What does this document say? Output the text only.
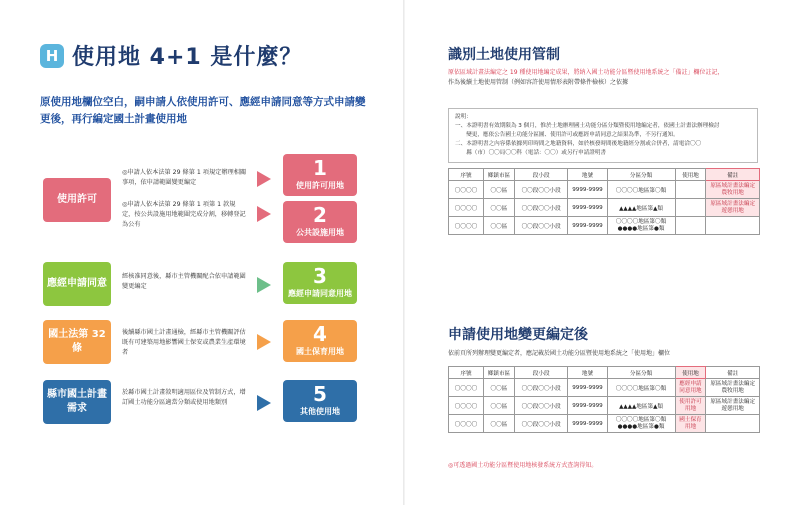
H 使用地 4+1 是什麼？
原使用地欄位空白，嗣申請人依使用許可、應經申請同意等方式申請變更後，再行編定國土計畫使用地
使用許可
◎申請人依本法第 29 條第 1 項規定辦理相關事項，依申請範圍變更編定
◎申請人依本法第 29 條第 1 項第 1 款規定，按公共設施用地範圍完成分割，移轉登記為公有
1
使用許可用地
2
公共設施用地
應經申請同意
經核准同意後，縣市主管機關配合依申請範圍變更編定	3
應經申請同意用地
國土法第 32 條
後續縣市國土計畫通檢，經縣市主管機關評估既有可建築用地影響國土保安或農業生產環境者
4
國土保育用地
縣市國土計畫需求
於縣市國土計畫敘明適用區位及管制方式，增訂國土功能分區適當分類或使用地類別	5
其他使用地
識別土地使用管制
原依區域計畫法編定之 19 種使用地編定成果，將納入國土功能分區暨使用地系統之「備註」欄位註記，
作為後續土地使用管制（例如容許使用情形表附帶條件檢核）之依據
說明：
一、本證明書有效期限為 3 個月，惟於土地辦理國土功能分區分類暨使用地編定者，依國土計畫法辦理檢討
　　變更，應依公告國土功能分區圖、使用許可或應經申請同意之結果為準，不另行通知。
二、本證明書之內容係依據列印時間之地籍資料，如於核發時間後地籍經分割或合併者，請電洽〇〇
　　縣（市）〇〇局〇〇科（電話：〇〇）或另行申請證明書
序號	鄉鎮市區	段小段	地號	分區分類	使用地	備註
〇〇〇〇	〇〇區	〇〇段〇〇小段	9999-9999	〇〇〇〇地區第〇類		原區域計畫法編定農牧用地
〇〇〇〇	〇〇區	〇〇段〇〇小段	9999-9999	▲▲▲▲地區第▲類		原區域計畫法編定遊憩用地
〇〇〇〇	〇〇區	〇〇段〇〇小段	9999-9999	〇〇〇〇地區第〇類 ●●●●地區第●類		
申請使用地變更編定後
依前頁所列辦理變更編定者，應記載於國土功能分區暨使用地系統之「使用地」欄位
序號	鄉鎮市區	段小段	地號	分區分類	使用地	備註
〇〇〇〇	〇〇區	〇〇段〇〇小段	9999-9999	〇〇〇〇地區第〇類	應經申請同意用地	原區域計畫法編定農牧用地
〇〇〇〇	〇〇區	〇〇段〇〇小段	9999-9999	▲▲▲▲地區第▲類	使用許可用地	原區域計畫法編定遊憩用地
〇〇〇〇	〇〇區	〇〇段〇〇小段	9999-9999	〇〇〇〇地區第〇類 ●●●●地區第●類	國土保育用地	
◎可透過國土功能分區暨使用地核發系統方式查詢得知。
